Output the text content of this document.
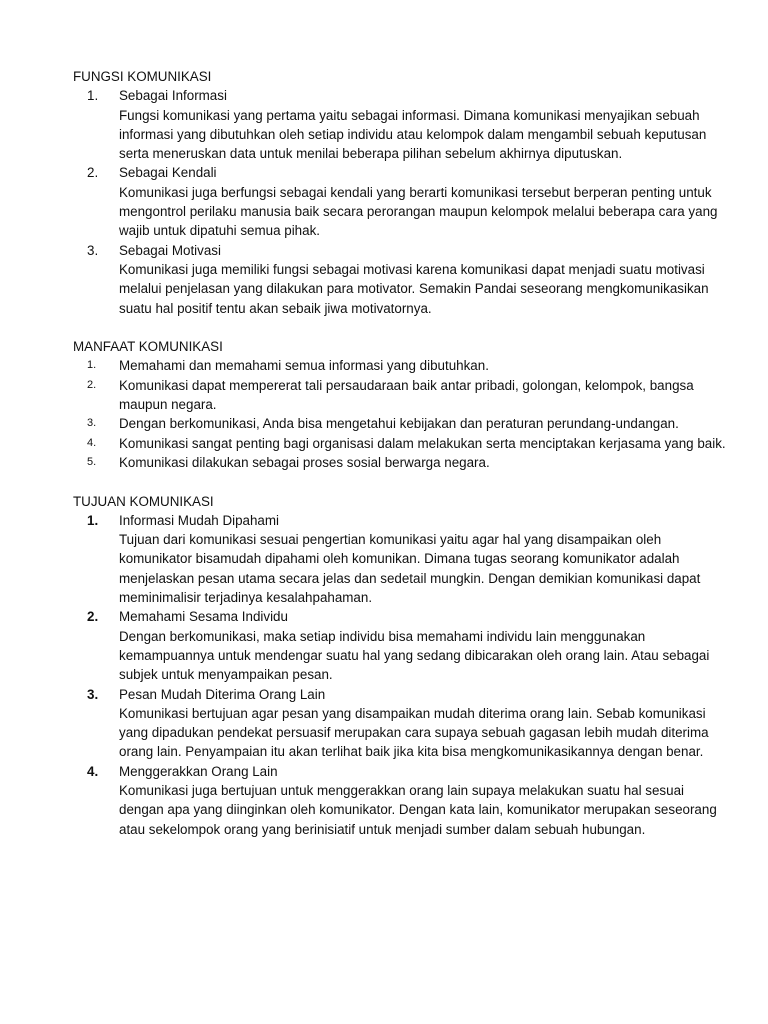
FUNGSI KOMUNIKASI
1. Sebagai Informasi
Fungsi komunikasi yang pertama yaitu sebagai informasi. Dimana komunikasi menyajikan sebuah informasi yang dibutuhkan oleh setiap individu atau kelompok dalam mengambil sebuah keputusan serta meneruskan data untuk menilai beberapa pilihan sebelum akhirnya diputuskan.
2. Sebagai Kendali
Komunikasi juga berfungsi sebagai kendali yang berarti komunikasi tersebut berperan penting untuk mengontrol perilaku manusia baik secara perorangan maupun kelompok melalui beberapa cara yang wajib untuk dipatuhi semua pihak.
3. Sebagai Motivasi
Komunikasi juga memiliki fungsi sebagai motivasi karena komunikasi dapat menjadi suatu motivasi melalui penjelasan yang dilakukan para motivator. Semakin Pandai seseorang mengkomunikasikan suatu hal positif tentu akan sebaik jiwa motivatornya.
MANFAAT KOMUNIKASI
1. Memahami dan memahami semua informasi yang dibutuhkan.
2. Komunikasi dapat mempererat tali persaudaraan baik antar pribadi, golongan, kelompok, bangsa maupun negara.
3. Dengan berkomunikasi, Anda bisa mengetahui kebijakan dan peraturan perundang-undangan.
4. Komunikasi sangat penting bagi organisasi dalam melakukan serta menciptakan kerjasama yang baik.
5. Komunikasi dilakukan sebagai proses sosial berwarga negara.
TUJUAN KOMUNIKASI
1. Informasi Mudah Dipahami
Tujuan dari komunikasi sesuai pengertian komunikasi yaitu agar hal yang disampaikan oleh komunikator bisamudah dipahami oleh komunikan. Dimana tugas seorang komunikator adalah menjelaskan pesan utama secara jelas dan sedetail mungkin. Dengan demikian komunikasi dapat meminimalisir terjadinya kesalahpahaman.
2. Memahami Sesama Individu
Dengan berkomunikasi, maka setiap individu bisa memahami individu lain menggunakan kemampuannya untuk mendengar suatu hal yang sedang dibicarakan oleh orang lain. Atau sebagai subjek untuk menyampaikan pesan.
3. Pesan Mudah Diterima Orang Lain
Komunikasi bertujuan agar pesan yang disampaikan mudah diterima orang lain. Sebab komunikasi yang dipadukan pendekat persuasif merupakan cara supaya sebuah gagasan lebih mudah diterima orang lain. Penyampaian itu akan terlihat baik jika kita bisa mengkomunikasikannya dengan benar.
4. Menggerakkan Orang Lain
Komunikasi juga bertujuan untuk menggerakkan orang lain supaya melakukan suatu hal sesuai dengan apa yang diinginkan oleh komunikator. Dengan kata lain, komunikator merupakan seseorang atau sekelompok orang yang berinisiatif untuk menjadi sumber dalam sebuah hubungan.
